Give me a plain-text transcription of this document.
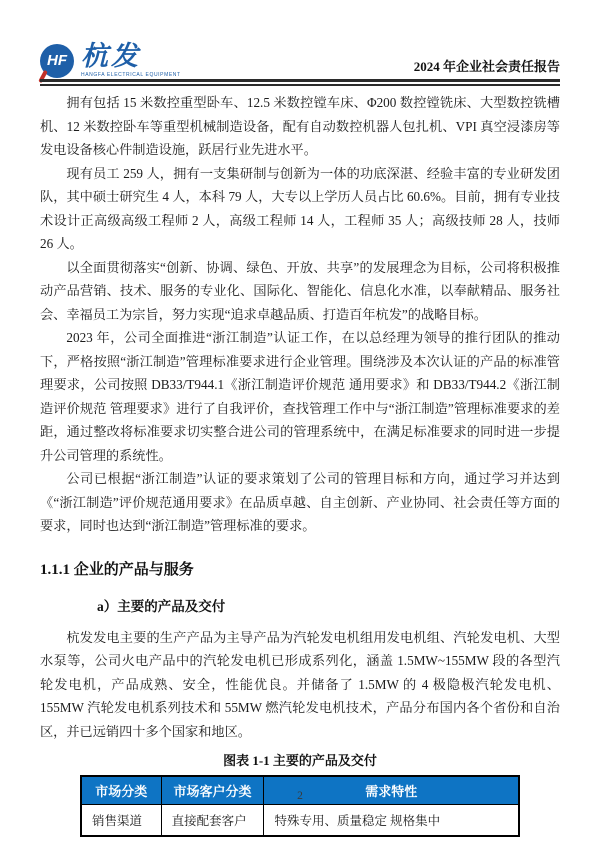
HF 杭发
HANGFA ELECTRICAL EQUIPMENT
2024 年企业社会责任报告

拥有包括 15 米数控重型卧车、12.5 米数控镗车床、Φ200 数控镗铣床、大型数控铣槽机、12 米数控卧车等重型机械制造设备，配有自动数控机器人包扎机、VPI 真空浸漆房等发电设备核心件制造设施，跃居行业先进水平。

现有员工 259 人，拥有一支集研制与创新为一体的功底深湛、经验丰富的专业研发团队，其中硕士研究生 4 人，本科 79 人，大专以上学历人员占比 60.6%。目前，拥有专业技术设计正高级高级工程师 2 人，高级工程师 14 人，工程师 35 人；高级技师 28 人，技师 26 人。

以全面贯彻落实“创新、协调、绿色、开放、共享”的发展理念为目标，公司将积极推动产品营销、技术、服务的专业化、国际化、智能化、信息化水准，以奉献精品、服务社会、幸福员工为宗旨，努力实现“追求卓越品质、打造百年杭发”的战略目标。

2023 年，公司全面推进“浙江制造”认证工作，在以总经理为领导的推行团队的推动下，严格按照“浙江制造”管理标准要求进行企业管理。围绕涉及本次认证的产品的标准管理要求，公司按照 DB33/T944.1《浙江制造评价规范 通用要求》和 DB33/T944.2《浙江制造评价规范 管理要求》进行了自我评价，查找管理工作中与“浙江制造”管理标准要求的差距，通过整改将标准要求切实整合进公司的管理系统中，在满足标准要求的同时进一步提升公司管理的系统性。

公司已根据“浙江制造”认证的要求策划了公司的管理目标和方向，通过学习并达到《“浙江制造”评价规范通用要求》在品质卓越、自主创新、产业协同、社会责任等方面的要求，同时也达到“浙江制造”管理标准的要求。

1.1.1 企业的产品与服务
a）主要的产品及交付

杭发发电主要的生产产品为主导产品为汽轮发电机组用发电机组、汽轮发电机、大型水泵等，公司火电产品中的汽轮发电机已形成系列化，涵盖 1.5MW~155MW 段的各型汽轮发电机，产品成熟、安全，性能优良。并储备了 1.5MW 的 4 极隐极汽轮发电机、155MW 汽轮发电机系列技术和 55MW 燃汽轮发电机技术，产品分布国内各个省份和自治区，并已远销四十多个国家和地区。

图表 1-1 主要的产品及交付
市场分类	市场客户分类	需求特性
销售渠道	直接配套客户	特殊专用、质量稳定 规格集中
2
